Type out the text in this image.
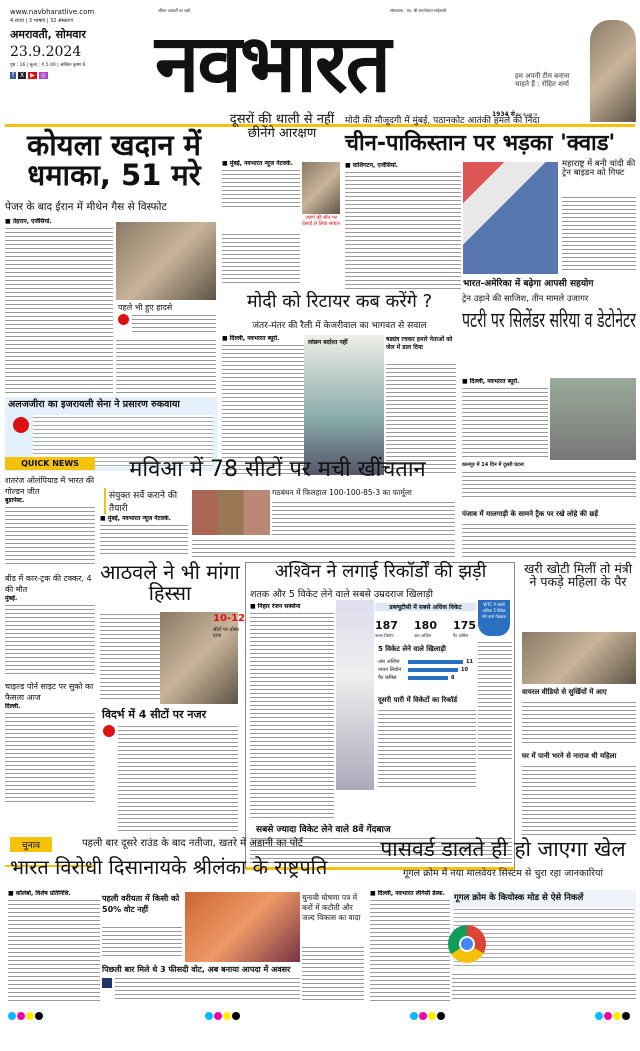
www.navbharatlive.com
4 राज्य | 3 भाषाएं | 32 संस्करण
अमरावती, सोमवार
23.9.2024
पृष्ठ : 16 | मूल्य : ₹ 5.00 | अश्विन कृष्ण 6
f X ▶ ◎
जीवन आदर्शों पर चलो	संस्थापक : स्व. श्री रामगोपाल माहेश्वरी
नवभारत
1934 से
हम अपनी टीम बनाना चाहते हैं : रोहित शर्मा
अंदर के पृष्ठ पर
कोयला खदान में धमाका, 51 मरे
पेजर के बाद ईरान में मीथेन गैस से विस्फोट
■ तेहरान, एजेंसियां.
पहले भी हुए हादसे
अलजजीरा का इजरायली सेना ने प्रसारण रुकवाया
दूसरों की थाली से नहीं छीनेंगे आरक्षण
■ मुंबई, नवभारत न्यूज नेटवर्क.
जरांगे की मौत पर देसाई ले लिया सवाल
मोदी की मौजूदगी में मुंबई, पठानकोट आतंकी हमले की निंदा
चीन-पाकिस्तान पर भड़का 'क्वाड'
■ वाशिंगटन, एजेंसियां.	महाराष्ट्र में बनी चांदी की ट्रेन बाइडन को गिफ्ट
भारत-अमेरिका में बढ़ेगा आपसी सहयोग
मोदी को रिटायर कब करेंगे ?
जंतर-मंतर की रैली में केजरीवाल का भागवत से सवाल
■ दिल्ली, नवभारत ब्यूरो.
लांछन बर्दाश्त नहीं	षड्यंत्र रचकर हमारे नेताओं को जेल में डाल दिया
ट्रेन उड़ाने की साजिश, तीन मामले उजागर
पटरी पर सिलेंडर सरिया व डेटोनेटर
■ दिल्ली, नवभारत ब्यूरो.
कानपुर में 14 दिन में दूसरी घटना
पंजाब में मालगाड़ी के सामने ट्रैक पर रखे लोहे की छड़ें
QUICK NEWS
शतरंज ओलंपियाड में भारत की गोल्डन जीत
बुडापेस्ट.
बीड में कार-ट्रक की टक्कर, 4 की मौत
मुंबई.
चाइल्ड पोर्न साइट पर सुको का फैसला आज
दिल्ली.
मविआ में 78 सीटों पर मची खींचतान
संयुक्त सर्वे कराने की तैयारी
■ मुंबई, नवभारत न्यूज नेटवर्क.
गठबंधन में फिलहाल 100-100-85-3 का फार्मूला
आठवले ने भी मांगा हिस्सा
10-12
सीटों पर ठोका दावा
विदर्भ में 4 सीटों पर नजर
अश्विन ने लगाई रिकॉर्डों की झड़ी
शतक और 5 विकेट लेने वाले सबसे उम्रदराज खिलाड़ी
■ निहार रंजन सक्सेना	डब्ल्यूटीसी में सबसे अधिक विकेट
187
नाथन लियोन
180
आर अश्विन
175
पैट कमिंस
5 विकेट लेने वाले खिलाड़ी
आर अश्विन	11
नाथन लियोन	10
पैट कमिंस	8
WTC में सबसे अधिक 5 विकेट लेने वाले गेंदबाज
दूसरी पारी में विकेटों का रिकॉर्ड
सबसे ज्यादा विकेट लेने वाले 8वें गेंदबाज
खरी खोटी मिलीं तो मंत्री ने पकड़े महिला के पैर
वायरल वीडियो से सुर्खियों में आए
घर में पानी भरने से नाराज थी महिला
चुनाव	पहली बार दूसरे राउंड के बाद नतीजा, खतरे में अडानी का पोर्ट
भारत विरोधी दिसानायके श्रीलंका के राष्ट्रपति
■ कोलंबो, विशेष प्रतिनिधि.
पहली वरीयता में किसी को 50% वोट नहीं
चुनावी घोषणा पत्र में करों में कटौती और जल्द विकास का वादा
पिछली बार मिले थे 3 फीसदी वोट, अब बनाया आपदा में अवसर
पासवर्ड डालते ही हो जाएगा खेल
गूगल क्रोम में नया मालवेयर सिस्टम से चुरा रहा जानकारियां
■ दिल्ली, नवभारत लीगेसी डेस्क.	गूगल क्रोम के कियोस्क मोड से ऐसे निकलें
